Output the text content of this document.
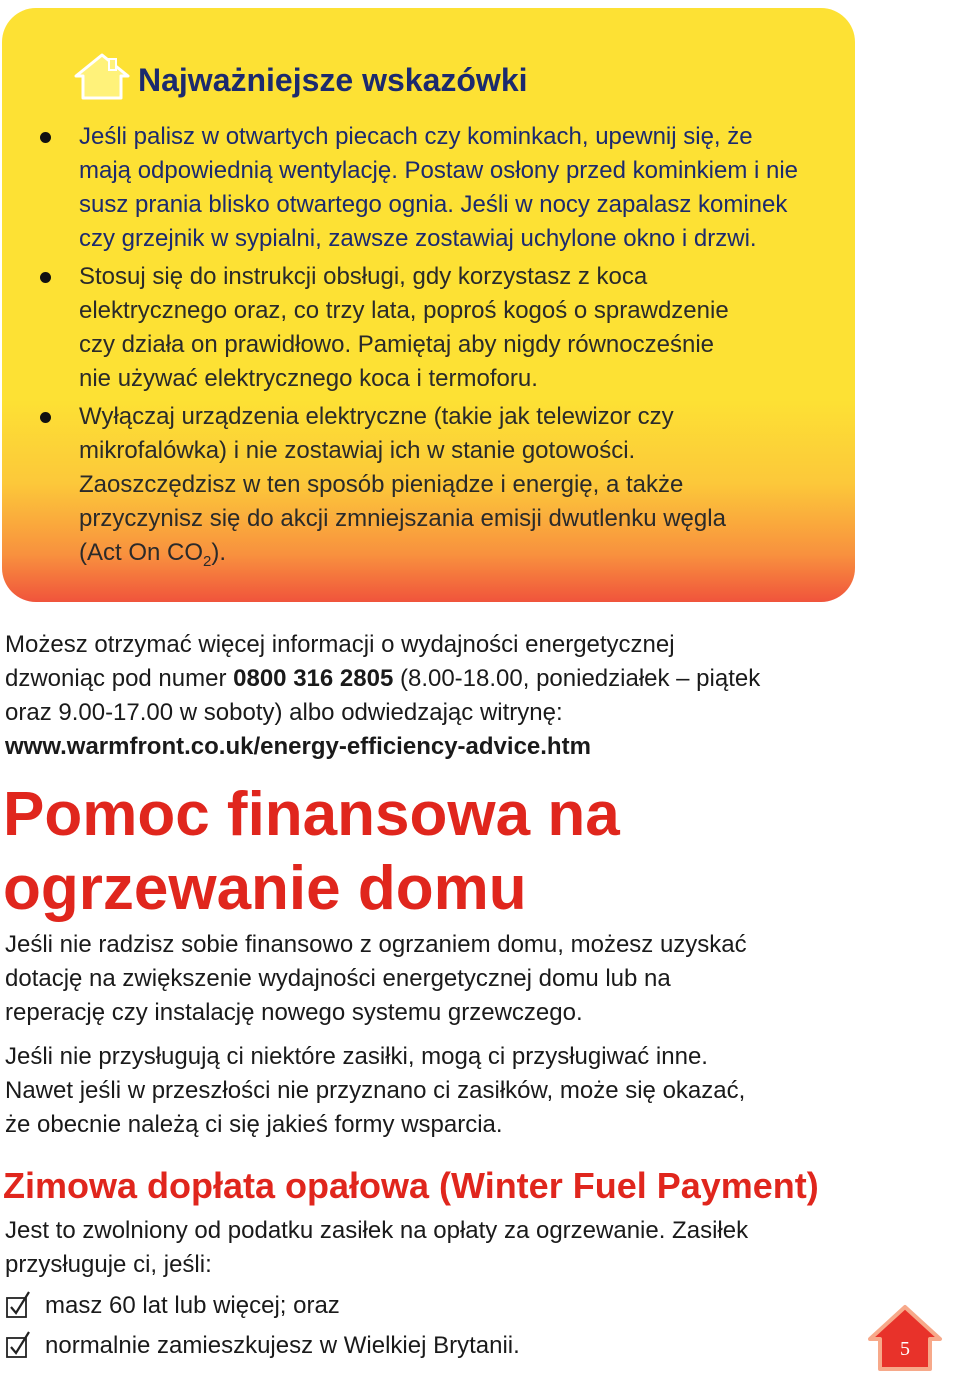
Najważniejsze wskazówki
Jeśli palisz w otwartych piecach czy kominkach, upewnij się, że
mają odpowiednią wentylację. Postaw osłony przed kominkiem i nie
susz prania blisko otwartego ognia. Jeśli w nocy zapalasz kominek
czy grzejnik w sypialni, zawsze zostawiaj uchylone okno i drzwi.
Stosuj się do instrukcji obsługi, gdy korzystasz z koca
elektrycznego oraz, co trzy lata, poproś kogoś o sprawdzenie
czy działa on prawidłowo. Pamiętaj aby nigdy równocześnie
nie używać elektrycznego koca i termoforu.
Wyłączaj urządzenia elektryczne (takie jak telewizor czy
mikrofalówka) i nie zostawiaj ich w stanie gotowości.
Zaoszczędzisz w ten sposób pieniądze i energię, a także
przyczynisz się do akcji zmniejszania emisji dwutlenku węgla
(Act On $CO_2$).
Możesz otrzymać więcej informacji o wydajności energetycznej
dzwoniąc pod numer 0800 316 2805 (8.00-18.00, poniedziałek – piątek
oraz 9.00-17.00 w soboty) albo odwiedzając witrynę:
www.warmfront.co.uk/energy-efficiency-advice.htm
Pomoc finansowa na
ogrzewanie domu

Jeśli nie radzisz sobie finansowo z ogrzaniem domu, możesz uzyskać
dotację na zwiększenie wydajności energetycznej domu lub na
reperację czy instalację nowego systemu grzewczego.

Jeśli nie przysługują ci niektóre zasiłki, mogą ci przysługiwać inne.
Nawet jeśli w przeszłości nie przyznano ci zasiłków, może się okazać,
że obecnie należą ci się jakieś formy wsparcia.

Zimowa dopłata opałowa (Winter Fuel Payment)

Jest to zwolniony od podatku zasiłek na opłaty za ogrzewanie. Zasiłek
przysługuje ci, jeśli:

masz 60 lat lub więcej; oraz
normalnie zamieszkujesz w Wielkiej Brytanii.	5
